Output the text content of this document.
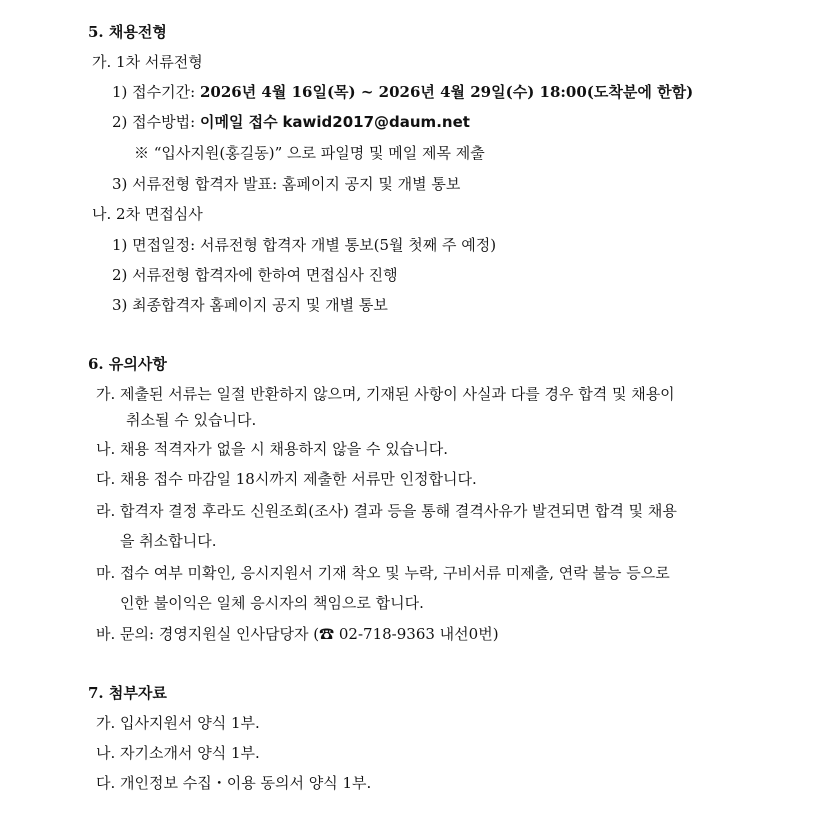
5. 채용전형
가. 1차 서류전형
1) 접수기간: 2026년 4월 16일(목) ~ 2026년 4월 29일(수) 18:00(도착분에 한함)
2) 접수방법: 이메일 접수 kawid2017@daum.net
※ “입사지원(홍길동)” 으로 파일명 및 메일 제목 제출
3) 서류전형 합격자 발표: 홈페이지 공지 및 개별 통보
나. 2차 면접심사
1) 면접일정: 서류전형 합격자 개별 통보(5월 첫째 주 예정)
2) 서류전형 합격자에 한하여 면접심사 진행
3) 최종합격자 홈페이지 공지 및 개별 통보
6. 유의사항
가. 제출된 서류는 일절 반환하지 않으며, 기재된 사항이 사실과 다를 경우 합격 및 채용이
취소될 수 있습니다.
나. 채용 적격자가 없을 시 채용하지 않을 수 있습니다.
다. 채용 접수 마감일 18시까지 제출한 서류만 인정합니다.
라. 합격자 결정 후라도 신원조회(조사) 결과 등을 통해 결격사유가 발견되면 합격 및 채용
을 취소합니다.
마. 접수 여부 미확인, 응시지원서 기재 착오 및 누락, 구비서류 미제출, 연락 불능 등으로
인한 불이익은 일체 응시자의 책임으로 합니다.
바. 문의: 경영지원실 인사담당자 (☎ 02-718-9363 내선0번)
7. 첨부자료
가. 입사지원서 양식 1부.
나. 자기소개서 양식 1부.
다. 개인정보 수집・이용 동의서 양식 1부.
